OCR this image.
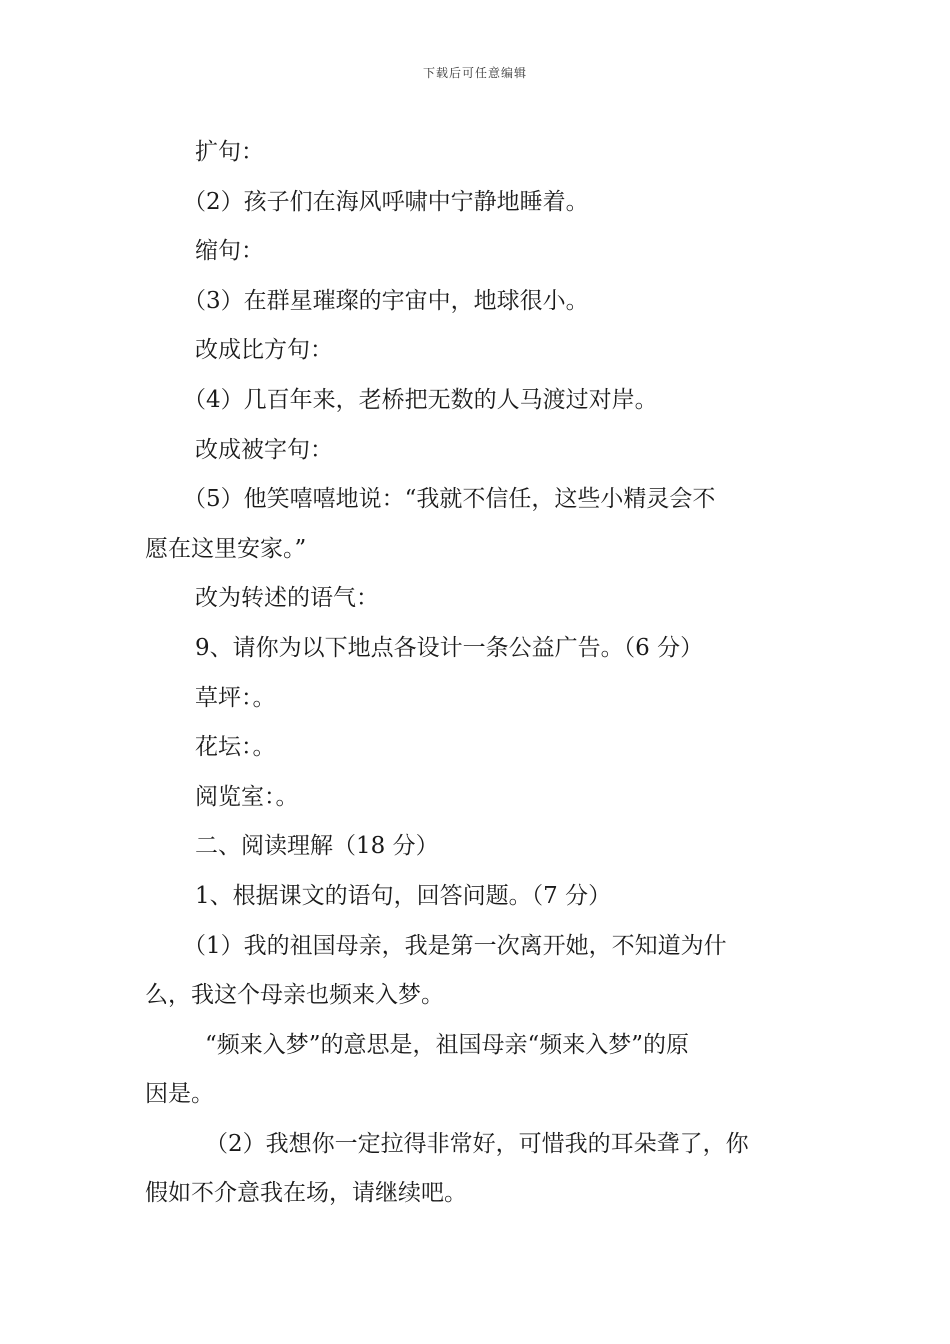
下载后可任意编辑

扩句：

（2）孩子们在海风呼啸中宁静地睡着。

缩句：

（3）在群星璀璨的宇宙中，地球很小。

改成比方句：

（4）几百年来，老桥把无数的人马渡过对岸。

改成被字句：

（5）他笑嘻嘻地说：“我就不信任，这些小精灵会不

愿在这里安家。”

改为转述的语气：

9、请你为以下地点各设计一条公益广告。（6 分）

草坪：。

花坛：。

阅览室：。

二、阅读理解（18 分）

1、根据课文的语句，回答问题。（7 分）

（1）我的祖国母亲，我是第一次离开她，不知道为什

么，我这个母亲也频来入梦。

“频来入梦”的意思是，祖国母亲“频来入梦”的原

因是。

（2）我想你一定拉得非常好，可惜我的耳朵聋了，你

假如不介意我在场，请继续吧。
